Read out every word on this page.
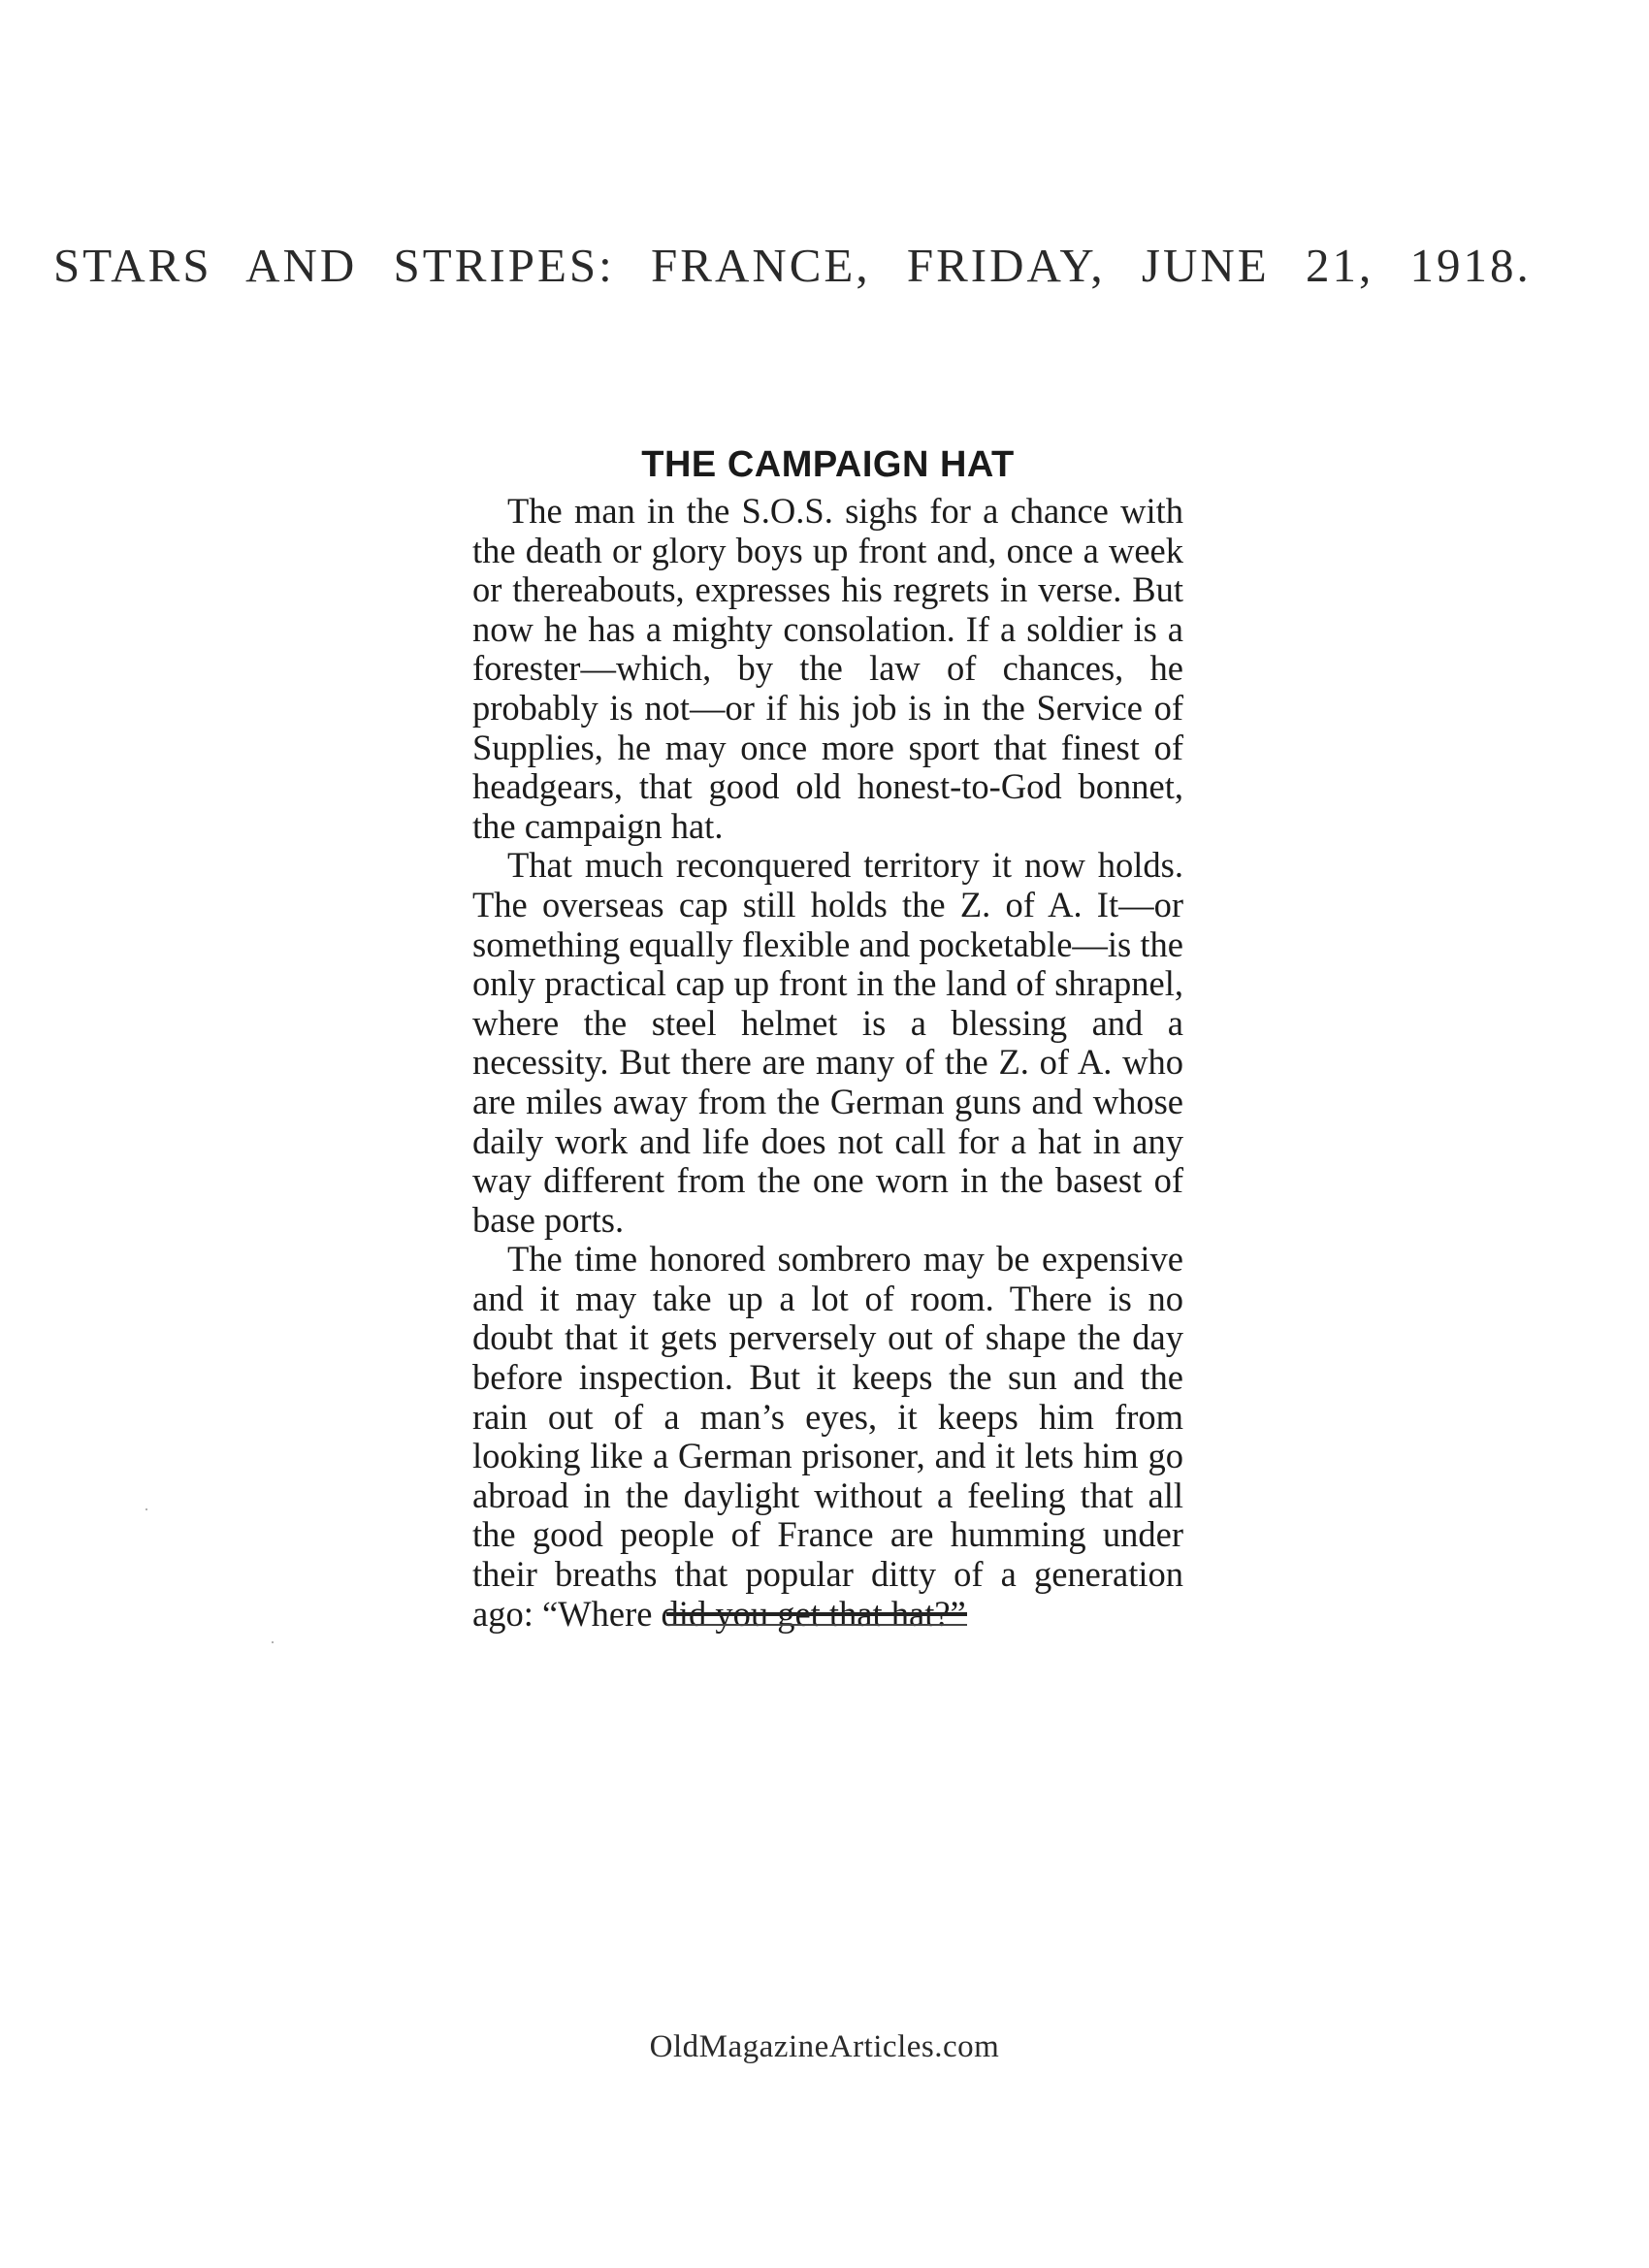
STARS AND STRIPES: FRANCE, FRIDAY, JUNE 21, 1918.
THE CAMPAIGN HAT

The man in the S.O.S. sighs for a chance with the death or glory boys up front and, once a week or thereabouts, expresses his regrets in verse. But now he has a mighty consolation. If a soldier is a forester—which, by the law of chances, he probably is not—or if his job is in the Service of Supplies, he may once more sport that finest of headgears, that good old honest-to-God bonnet, the campaign hat.

That much reconquered territory it now holds. The overseas cap still holds the Z. of A. It—or something equally flexible and pocketable—is the only practical cap up front in the land of shrapnel, where the steel helmet is a blessing and a necessity. But there are many of the Z. of A. who are miles away from the German guns and whose daily work and life does not call for a hat in any way different from the one worn in the basest of base ports.

The time honored sombrero may be expensive and it may take up a lot of room. There is no doubt that it gets perversely out of shape the day before inspection. But it keeps the sun and the rain out of a man’s eyes, it keeps him from looking like a German prisoner, and it lets him go abroad in the daylight without a feeling that all the good people of France are humming under their breaths that popular ditty of a generation ago: “Where did you get that hat?”

OldMagazineArticles.com
